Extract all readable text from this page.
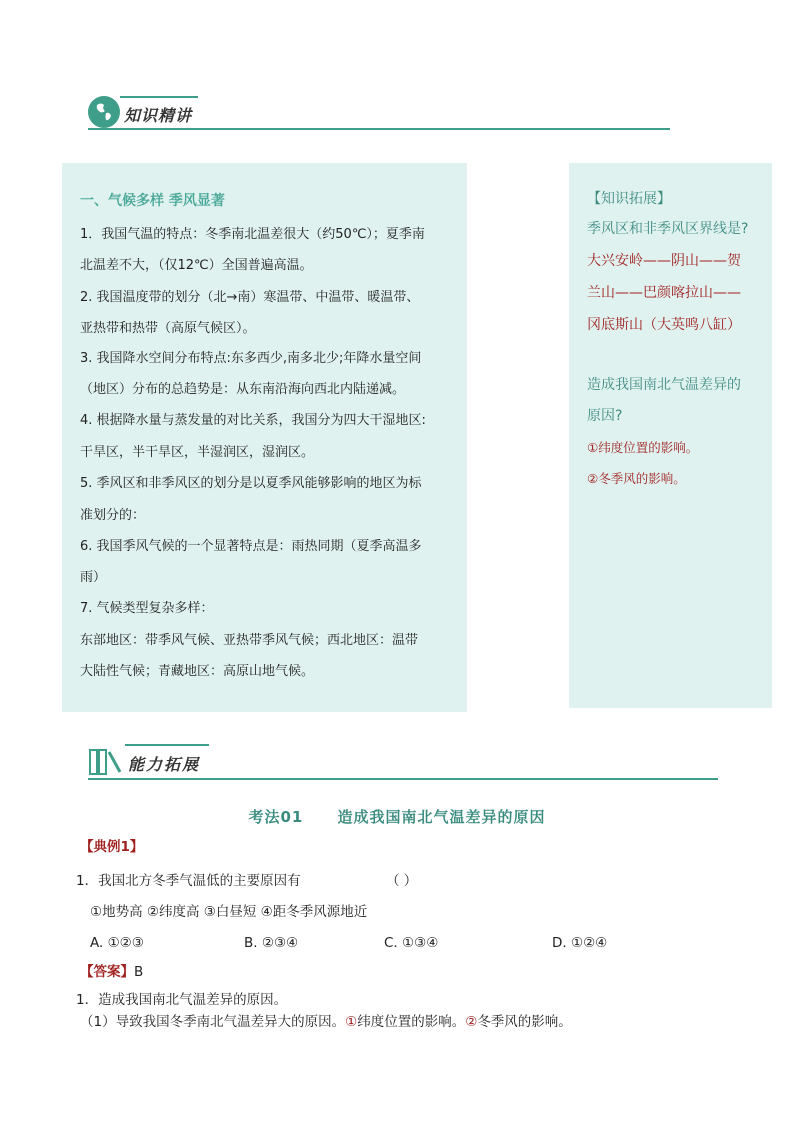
知识精讲
一、气候多样 季风显著
1．我国气温的特点：冬季南北温差很大（约50℃）；夏季南
北温差不大，（仅12℃）全国普遍高温。
2. 我国温度带的划分（北→南）寒温带、中温带、暖温带、
亚热带和热带（高原气候区）。
3. 我国降水空间分布特点:东多西少,南多北少;年降水量空间
（地区）分布的总趋势是：从东南沿海向西北内陆递减。
4. 根据降水量与蒸发量的对比关系，我国分为四大干湿地区:
干旱区，半干旱区，半湿润区，湿润区。
5. 季风区和非季风区的划分是以夏季风能够影响的地区为标
准划分的：
6. 我国季风气候的一个显著特点是：雨热同期（夏季高温多
雨）
7. 气候类型复杂多样：
东部地区：带季风气候、亚热带季风气候；西北地区：温带
大陆性气候；青藏地区：高原山地气候。
【知识拓展】
季风区和非季风区界线是?
大兴安岭——阴山——贺
兰山——巴颜喀拉山——
冈底斯山（大英鸣八缸）
造成我国南北气温差异的
原因?
①纬度位置的影响。
②冬季风的影响。
能力拓展
考法01 造成我国南北气温差异的原因
【典例1】
1．我国北方冬季气温低的主要原因有	（ ）
①地势高 ②纬度高 ③白昼短 ④距冬季风源地近
A. ①②③	B. ②③④	C. ①③④	D. ①②④
【答案】B
1．造成我国南北气温差异的原因。
（1）导致我国冬季南北气温差异大的原因。①纬度位置的影响。②冬季风的影响。
